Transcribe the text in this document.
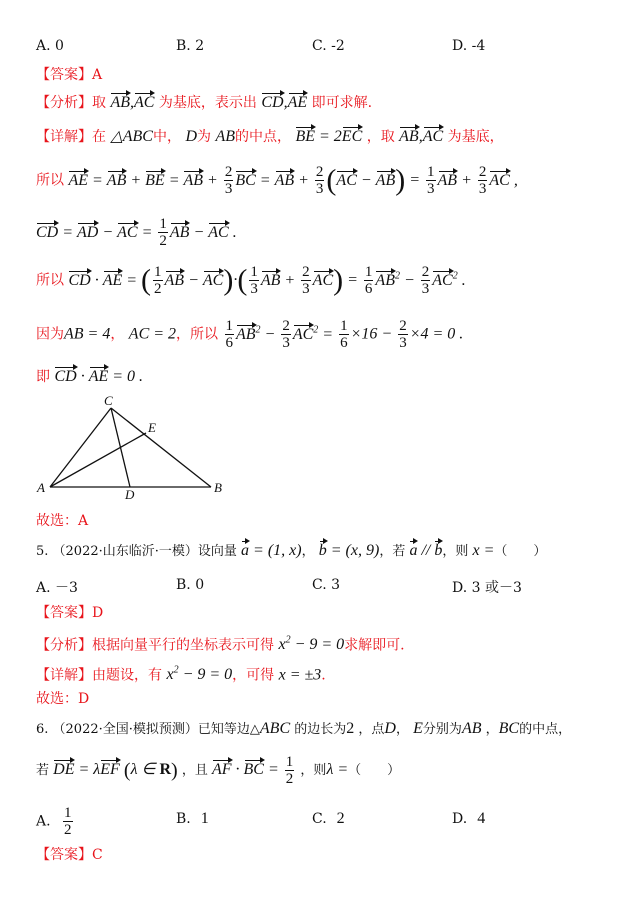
A. 0	B. 2	C. -2	D. -4
【答案】A
【分析】取 AB,AC 为基底，表示出 CD,AE 即可求解.
【详解】在 △ABC中， D为 AB的中点， BE = 2EC ，取 AB,AC 为基底，
所以 AE = AB + BE = AB + $\frac{2}{3}$ BC = AB + $\frac{2}{3} (AC - AB) = \frac{1}{3}$ AB + $\frac{2}{3}$ AC ,
CD = AD − AC = $\frac{1}{2}$ AB − AC .
所以 CD · AE = ( $\frac{1}{2}$ AB − $AC)\cdot( \frac{1}{3}$ AB + $\frac{2}{3} AC) = \frac{1}{6} AB^2 - \frac{2}{3} AC^2$ .
因为AB = 4， AC = 2，所以 $\frac{1}{6} AB^2 - \frac{2}{3} AC^2 = \frac{1}{6} \times 16 - \frac{2}{3} \times 4 = 0$ .
即 CD · AE = 0 .
A	B
C
D
E
故选：A
5. （2022·山东临沂·一模）设向量 a = (1, x)， b = (x, 9)，若 a // b，则 x =（　　）
A. －3	B. 0	C. 3	D. 3 或－3
【答案】D
【分析】根据向量平行的坐标表示可得 $x^2 - 9 = 0$求解即可.
【详解】由题设，有 $x^2 - 9 = 0$，可得 x = ±3.
故选：D
6. （2022·全国·模拟预测）已知等边△ABC 的边长为2 ，点D， E分别为AB ，BC的中点，
若 DE = λEF (λ ∈ R) ，且 AF · BC = $\frac{1}{2}$ ，则λ =（　　）
A. $\frac{1}{2}$	B. 1	C. 2	D. 4
【答案】C
